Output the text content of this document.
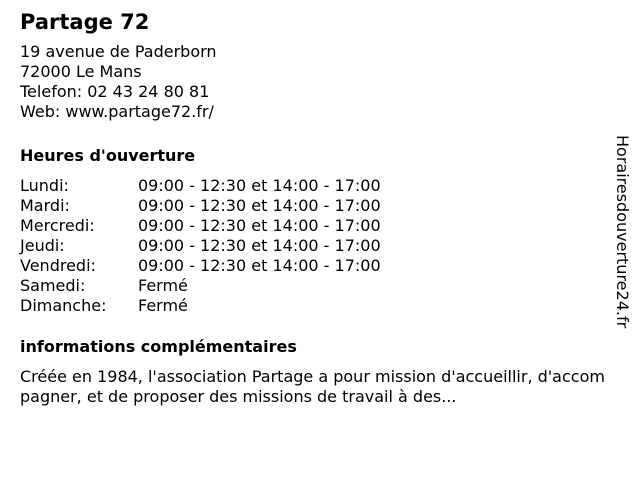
Partage 72
19 avenue de Paderborn
72000 Le Mans
Telefon: 02 43 24 80 81
Web: www.partage72.fr/
Heures d'ouverture
Lundi:	09:00 - 12:30 et 14:00 - 17:00
Mardi:	09:00 - 12:30 et 14:00 - 17:00
Mercredi:	09:00 - 12:30 et 14:00 - 17:00
Jeudi:	09:00 - 12:30 et 14:00 - 17:00
Vendredi:	09:00 - 12:30 et 14:00 - 17:00
Samedi:	Fermé
Dimanche:	Fermé
informations complémentaires
Créée en 1984, l'association Partage a pour mission d'accueillir, d'accompagner, et de proposer des missions de travail à des...
Horairesdouverture24.fr
